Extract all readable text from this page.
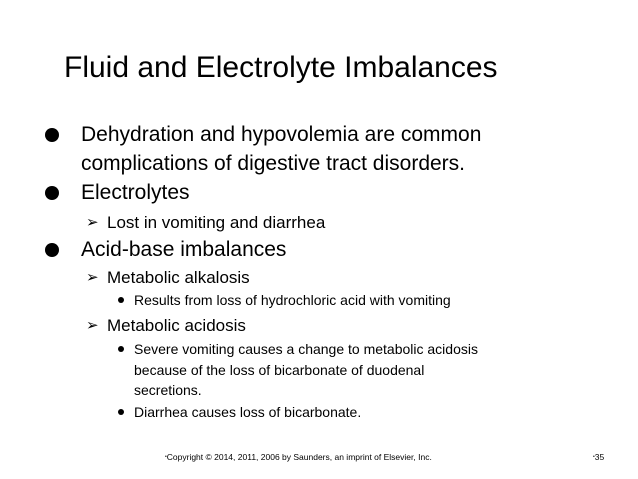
Fluid and Electrolyte Imbalances
Dehydration and hypovolemia are common
complications of digestive tract disorders.
Electrolytes
➢ Lost in vomiting and diarrhea
Acid-base imbalances
➢ Metabolic alkalosis
Results from loss of hydrochloric acid with vomiting
➢ Metabolic acidosis
Severe vomiting causes a change to metabolic acidosis
because of the loss of bicarbonate of duodenal
secretions.
Diarrhea causes loss of bicarbonate.
•Copyright © 2014, 2011, 2006 by Saunders, an imprint of Elsevier, Inc.	•35
